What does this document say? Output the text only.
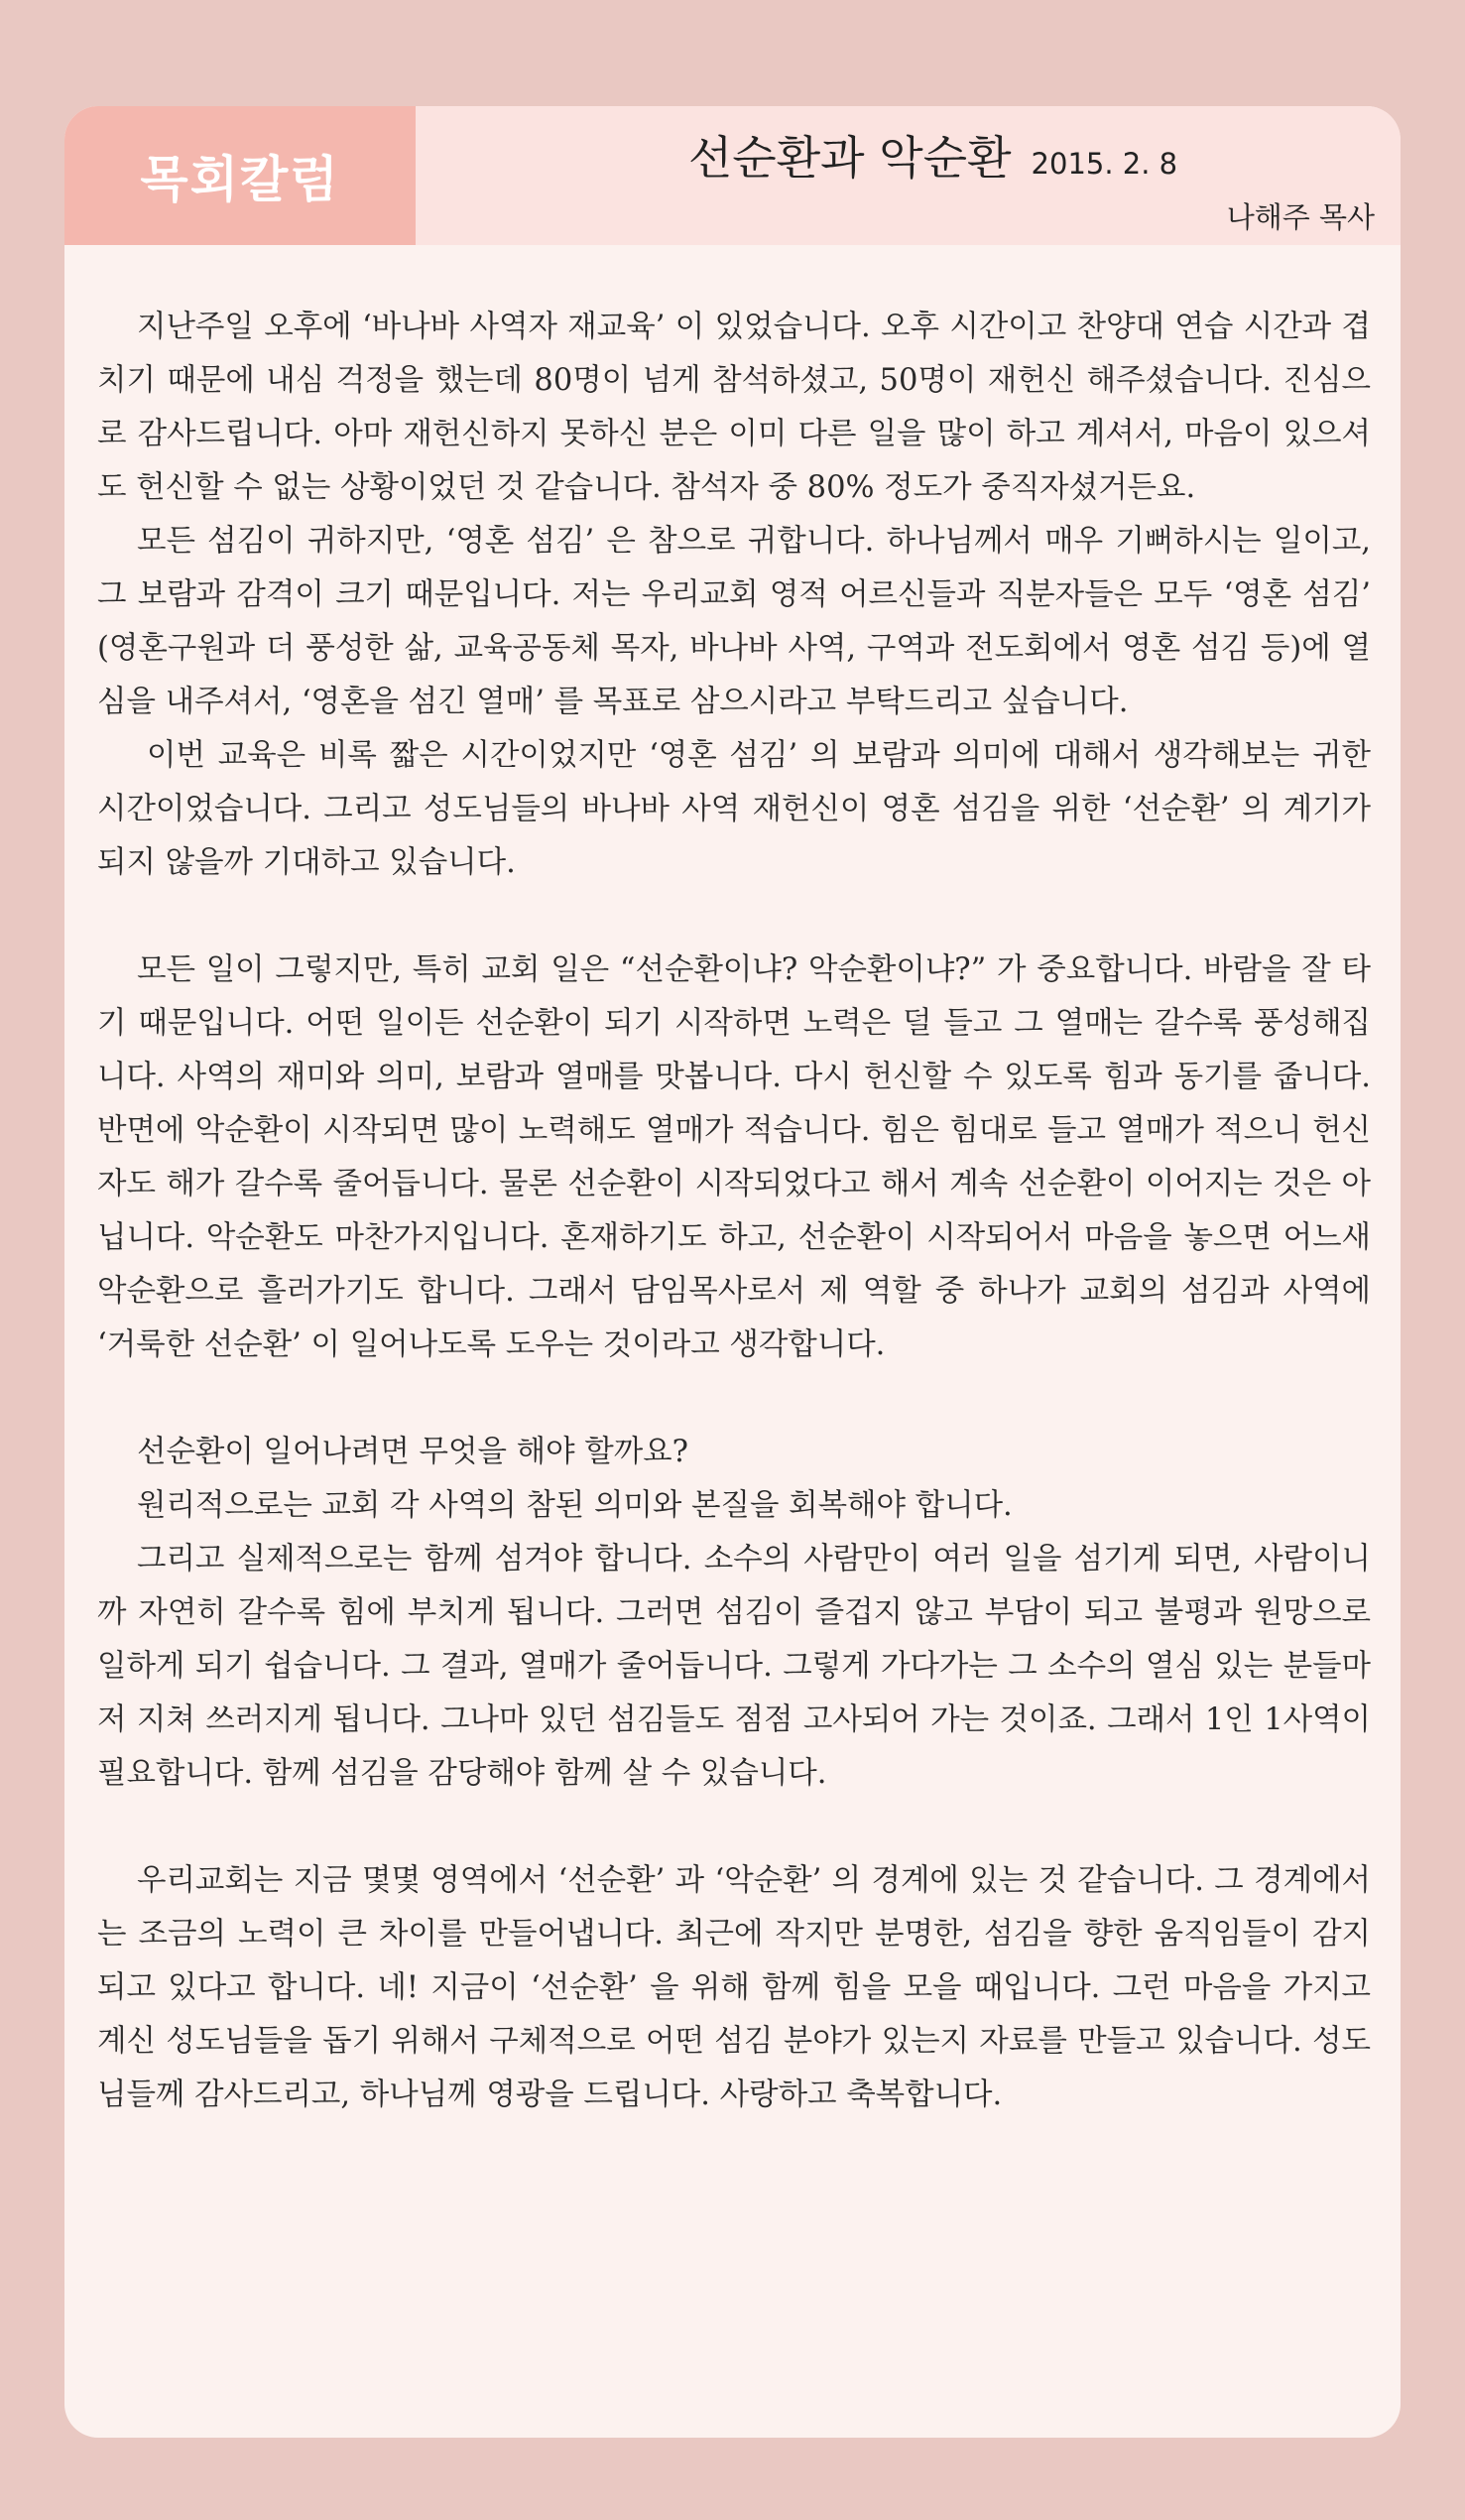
목회칼럼	선순환과 악순환 2015. 2. 8
나해주 목사

지난주일 오후에 ‘바나바 사역자 재교육’ 이 있었습니다. 오후 시간이고 찬양대 연습 시간과 겹치기 때문에 내심 걱정을 했는데 80명이 넘게 참석하셨고, 50명이 재헌신 해주셨습니다. 진심으로 감사드립니다. 아마 재헌신하지 못하신 분은 이미 다른 일을 많이 하고 계셔서, 마음이 있으셔도 헌신할 수 없는 상황이었던 것 같습니다. 참석자 중 80% 정도가 중직자셨거든요.

모든 섬김이 귀하지만, ‘영혼 섬김’ 은 참으로 귀합니다. 하나님께서 매우 기뻐하시는 일이고, 그 보람과 감격이 크기 때문입니다. 저는 우리교회 영적 어르신들과 직분자들은 모두 ‘영혼 섬김’ (영혼구원과 더 풍성한 삶, 교육공동체 목자, 바나바 사역, 구역과 전도회에서 영혼 섬김 등)에 열심을 내주셔서, ‘영혼을 섬긴 열매’ 를 목표로 삼으시라고 부탁드리고 싶습니다.

이번 교육은 비록 짧은 시간이었지만 ‘영혼 섬김’ 의 보람과 의미에 대해서 생각해보는 귀한 시간이었습니다. 그리고 성도님들의 바나바 사역 재헌신이 영혼 섬김을 위한 ‘선순환’ 의 계기가 되지 않을까 기대하고 있습니다.

모든 일이 그렇지만, 특히 교회 일은 “선순환이냐? 악순환이냐?” 가 중요합니다. 바람을 잘 타기 때문입니다. 어떤 일이든 선순환이 되기 시작하면 노력은 덜 들고 그 열매는 갈수록 풍성해집니다. 사역의 재미와 의미, 보람과 열매를 맛봅니다. 다시 헌신할 수 있도록 힘과 동기를 줍니다. 반면에 악순환이 시작되면 많이 노력해도 열매가 적습니다. 힘은 힘대로 들고 열매가 적으니 헌신자도 해가 갈수록 줄어듭니다. 물론 선순환이 시작되었다고 해서 계속 선순환이 이어지는 것은 아닙니다. 악순환도 마찬가지입니다. 혼재하기도 하고, 선순환이 시작되어서 마음을 놓으면 어느새 악순환으로 흘러가기도 합니다. 그래서 담임목사로서 제 역할 중 하나가 교회의 섬김과 사역에 ‘거룩한 선순환’ 이 일어나도록 도우는 것이라고 생각합니다.

선순환이 일어나려면 무엇을 해야 할까요?

원리적으로는 교회 각 사역의 참된 의미와 본질을 회복해야 합니다.

그리고 실제적으로는 함께 섬겨야 합니다. 소수의 사람만이 여러 일을 섬기게 되면, 사람이니까 자연히 갈수록 힘에 부치게 됩니다. 그러면 섬김이 즐겁지 않고 부담이 되고 불평과 원망으로 일하게 되기 쉽습니다. 그 결과, 열매가 줄어듭니다. 그렇게 가다가는 그 소수의 열심 있는 분들마저 지쳐 쓰러지게 됩니다. 그나마 있던 섬김들도 점점 고사되어 가는 것이죠. 그래서 1인 1사역이 필요합니다. 함께 섬김을 감당해야 함께 살 수 있습니다.

우리교회는 지금 몇몇 영역에서 ‘선순환’ 과 ‘악순환’ 의 경계에 있는 것 같습니다. 그 경계에서는 조금의 노력이 큰 차이를 만들어냅니다. 최근에 작지만 분명한, 섬김을 향한 움직임들이 감지되고 있다고 합니다. 네! 지금이 ‘선순환’ 을 위해 함께 힘을 모을 때입니다. 그런 마음을 가지고 계신 성도님들을 돕기 위해서 구체적으로 어떤 섬김 분야가 있는지 자료를 만들고 있습니다. 성도님들께 감사드리고, 하나님께 영광을 드립니다. 사랑하고 축복합니다.
